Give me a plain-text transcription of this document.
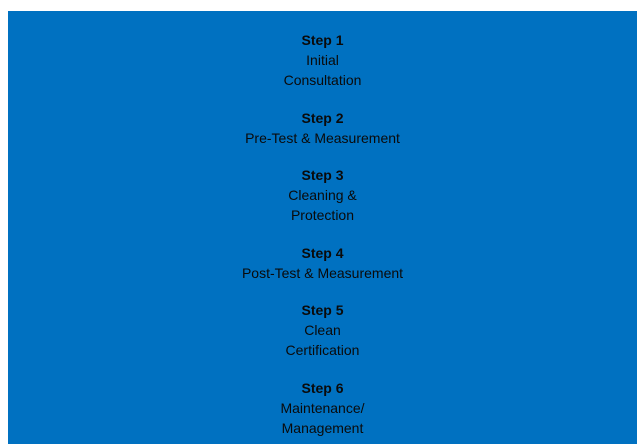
Step 1
Initial Consultation
Step 2
Pre-Test & Measurement
Step 3
Cleaning & Protection
Step 4
Post-Test & Measurement
Step 5
Clean Certification
Step 6
Maintenance/ Management
